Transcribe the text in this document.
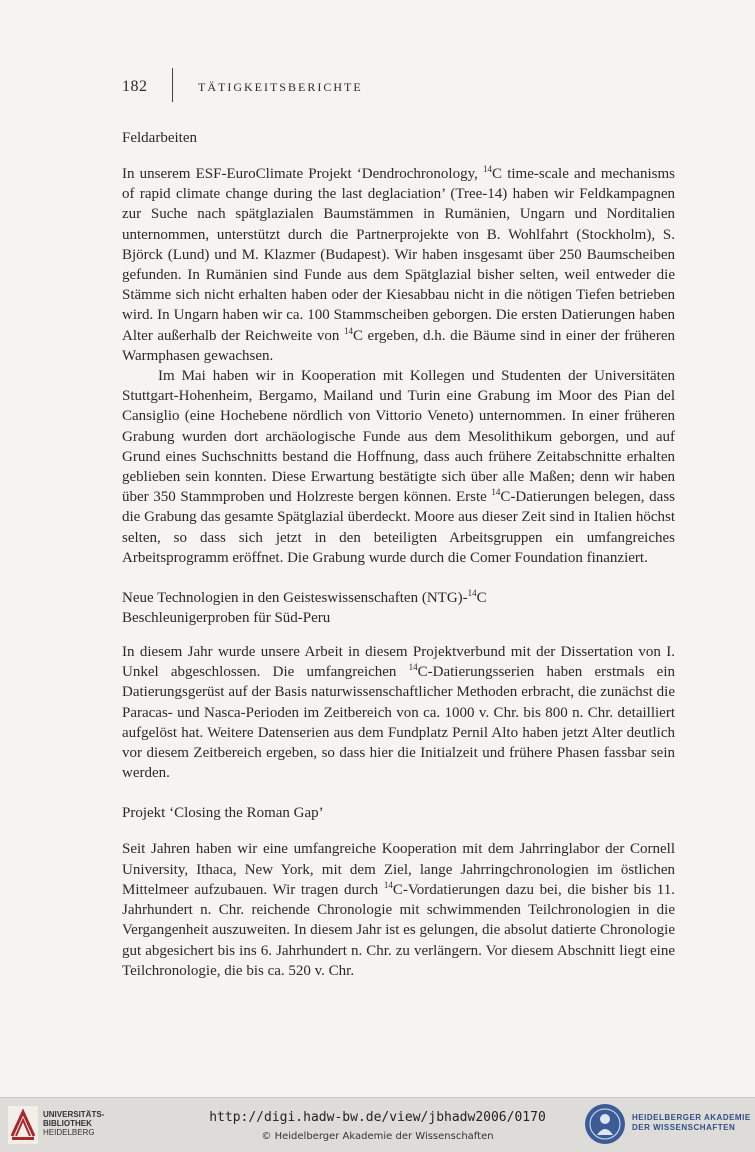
182	TÄTIGKEITSBERICHTE
Feldarbeiten

In unserem ESF-EuroClimate Projekt ‘Dendrochronology, $^{14}$C time-scale and mechanisms of rapid climate change during the last deglaciation’ (Tree-14) haben wir Feldkampagnen zur Suche nach spätglazialen Baumstämmen in Rumänien, Ungarn und Norditalien unternommen, unterstützt durch die Partnerprojekte von B. Wohlfahrt (Stockholm), S. Björck (Lund) und M. Klazmer (Budapest). Wir haben insgesamt über 250 Baumscheiben gefunden. In Rumänien sind Funde aus dem Spätglazial bisher selten, weil entweder die Stämme sich nicht erhalten haben oder der Kiesabbau nicht in die nötigen Tiefen betrieben wird. In Ungarn haben wir ca. 100 Stammscheiben geborgen. Die ersten Datierungen haben Alter außerhalb der Reichweite von $^{14}$C ergeben, d.h. die Bäume sind in einer der früheren Warmphasen gewachsen.

Im Mai haben wir in Kooperation mit Kollegen und Studenten der Universitäten Stuttgart-Hohenheim, Bergamo, Mailand und Turin eine Grabung im Moor des Pian del Cansiglio (eine Hochebene nördlich von Vittorio Veneto) unternommen. In einer früheren Grabung wurden dort archäologische Funde aus dem Mesolithikum geborgen, und auf Grund eines Suchschnitts bestand die Hoffnung, dass auch frühere Zeitabschnitte erhalten geblieben sein konnten. Diese Erwartung bestätigte sich über alle Maßen; denn wir haben über 350 Stammproben und Holzreste bergen können. Erste $^{14}$C-Datierungen belegen, dass die Grabung das gesamte Spätglazial überdeckt. Moore aus dieser Zeit sind in Italien höchst selten, so dass sich jetzt in den beteiligten Arbeitsgruppen ein umfangreiches Arbeitsprogramm eröffnet. Die Grabung wurde durch die Comer Foundation finanziert.

Neue Technologien in den Geisteswissenschaften (NTG)-$^{14}$C
Beschleunigerproben für Süd-Peru

In diesem Jahr wurde unsere Arbeit in diesem Projektverbund mit der Dissertation von I. Unkel abgeschlossen. Die umfangreichen $^{14}$C-Datierungsserien haben erstmals ein Datierungsgerüst auf der Basis naturwissenschaftlicher Methoden erbracht, die zunächst die Paracas- und Nasca-Perioden im Zeitbereich von ca. 1000 v. Chr. bis 800 n. Chr. detailliert aufgelöst hat. Weitere Datenserien aus dem Fundplatz Pernil Alto haben jetzt Alter deutlich vor diesem Zeitbereich ergeben, so dass hier die Initialzeit und frühere Phasen fassbar sein werden.

Projekt ‘Closing the Roman Gap’

Seit Jahren haben wir eine umfangreiche Kooperation mit dem Jahrringlabor der Cornell University, Ithaca, New York, mit dem Ziel, lange Jahrringchronologien im östlichen Mittelmeer aufzubauen. Wir tragen durch $^{14}$C-Vordatierungen dazu bei, die bisher bis 11. Jahrhundert n. Chr. reichende Chronologie mit schwimmenden Teilchronologien in die Vergangenheit auszuweiten. In diesem Jahr ist es gelungen, die absolut datierte Chronologie gut abgesichert bis ins 6. Jahrhundert n. Chr. zu verlängern. Vor diesem Abschnitt liegt eine Teilchronologie, die bis ca. 520 v. Chr.

UNIVERSITÄTS-
BIBLIOTHEK
HEIDELBERG
http://digi.hadw-bw.de/view/jbhadw2006/0170
© Heidelberger Akademie der Wissenschaften
HEIDELBERGER AKADEMIE
DER WISSENSCHAFTEN
